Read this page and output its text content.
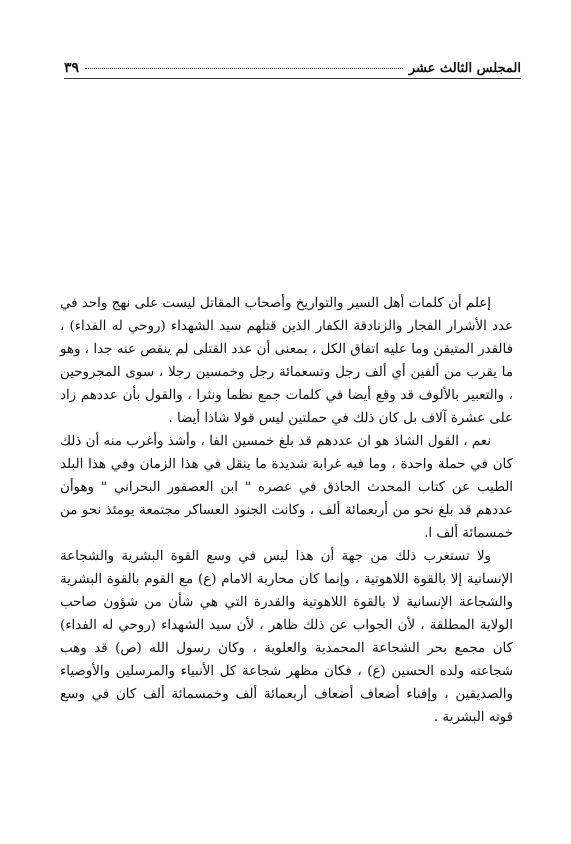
المجلس الثالث عشر
٣٩

إعلم أن كلمات أهل السير والتواريخ وأصحاب المقاتل ليست على نهج واحد في عدد الأشرار الفجار والزنادقة الكفار الذين قتلهم سيد الشهداء (روحي له الفداء) ، فالقدر المتيقن وما عليه اتفاق الكل ، بمعنى أن عدد القتلى لم ينقص عنه جدا ، وهو ما يقرب من ألفين أي ألف رجل وتسعمائة رجل وخمسين رجلا ، سوى المجروحين ، والتعبير بالألوف قد وقع أيضا في كلمات جمع نظما ونثرا ، والقول بأن عددهم زاد على عشرة آلاف بل كان ذلك في حملتين ليس قولا شاذا أيضا .

نعم ، القول الشاذ هو ان عددهم قد بلغ خمسين الفا ، وأشذ وأغرب منه أن ذلك كان في حملة واحدة ، وما فيه غرابة شديدة ما ينقل في هذا الزمان وفي هذا البلد الطيب عن كتاب المحدث الحاذق في عصره " ابن العصفور البحراني " وهوأن عددهم قد بلغ نحو من أربعمائة ألف ، وكانت الجنود العساكر مجتمعة يومئذ نحو من خمسمائة ألف ا.

ولا تستغرب ذلك من جهة أن هذا ليس في وسع القوة البشرية والشجاعة الإنسانية إلا بالقوة اللاهوتية ، وإنما كان محاربة الامام (ع) مع القوم بالقوة البشرية والشجاعة الإنسانية لا بالقوة اللاهوتية والقدرة التي هي شأن من شؤون صاحب الولاية المطلقة ، لأن الجواب عن ذلك ظاهر ، لأن سيد الشهداء (روحي له الفداء) كان مجمع بحر الشجاعة المحمدية والعلوية ، وكان رسول الله (ص) قد وهب شجاعته ولده الحسين (ع) ، فكان مظهر شجاعة كل الأنبياء والمرسلين والأوصياء والصديقين ، وإفناء أضعاف أضعاف أربعمائة ألف وخمسمائة ألف كان في وسع قوته البشرية .
